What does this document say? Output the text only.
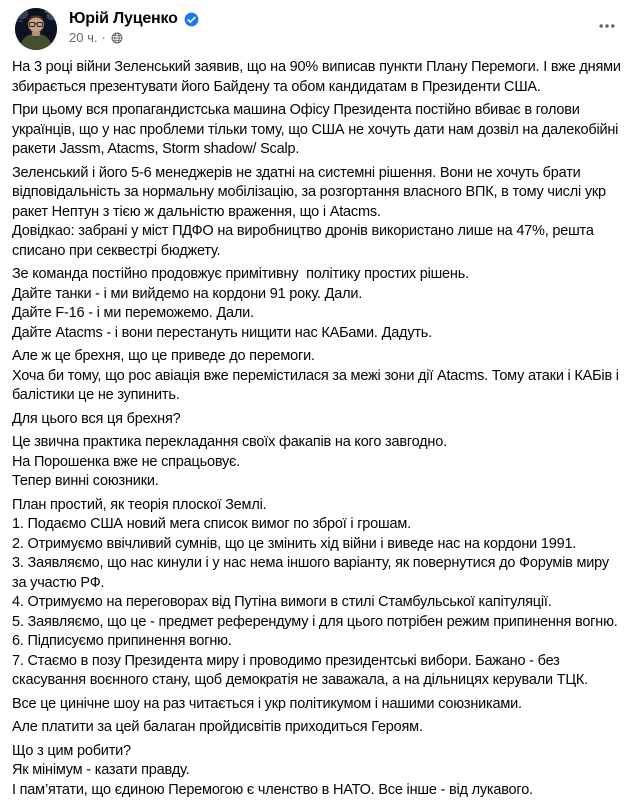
Юрій Луценко
20 ч. ·
На 3 році війни Зеленський заявив, що на 90% виписав пункти Плану Перемоги. І вже днями збирається презентувати його Байдену та обом кандидатам в Президенти США.
При цьому вся пропагандистська машина Офісу Президента постійно вбиває в голови українців, що у нас проблеми тільки тому, що США не хочуть дати нам дозвіл на далекобійні ракети Jassm, Atacms, Storm shadow/ Scalp.
Зеленський і його 5-6 менеджерів не здатні на системні рішення. Вони не хочуть брати відповідальність за нормальну мобілізацію, за розгортання власного ВПК, в тому числі укр ракет Нептун з тією ж дальністю враження, що і Atacms.
Довідкао: забрані у міст ПДФО на виробництво дронів використано лише на 47%, решта списано при секвестрі бюджету.
Зе команда постійно продовжує примітивну  політику простих рішень.
Дайте танки - і ми вийдемо на кордони 91 року. Дали.
Дайте F-16 - і ми переможемо. Дали.
Дайте Atacms - і вони перестануть нищити нас КАБами. Дадуть.
Але ж це брехня, що це приведе до перемоги.
Хоча би тому, що рос авіація вже перемістилася за межі зони дії Atacms. Тому атаки і КАБів і балістики це не зупинить.
Для цього вся ця брехня?
Це звична практика перекладання своїх факапів на кого завгодно.
На Порошенка вже не спрацьовує.
Тепер винні союзники.
План простий, як теорія плоскої Землі.
1. Подаємо США новий мега список вимог по зброї і грошам.
2. Отримуємо ввічливий сумнів, що це змінить хід війни і виведе нас на кордони 1991.
3. Заявляємо, що нас кинули і у нас нема іншого варіанту, як повернутися до Форумів миру за участю РФ.
4. Отримуємо на переговорах від Путіна вимоги в стилі Стамбульської капітуляції.
5. Заявляємо, що це - предмет референдуму і для цього потрібен режим припинення вогню.
6. Підписуємо припинення вогню.
7. Стаємо в позу Президента миру і проводимо президентські вибори. Бажано - без скасування воєнного стану, щоб демократія не заважала, а на дільницях керували ТЦК.
Все це цинічне шоу на раз читається і укр політикумом і нашими союзниками.
Але платити за цей балаган пройдисвітів приходиться Героям.
Що з цим робити?
Як мінімум - казати правду.
І пам’ятати, що єдиною Перемогою є членство в НАТО. Все інше - від лукавого.
